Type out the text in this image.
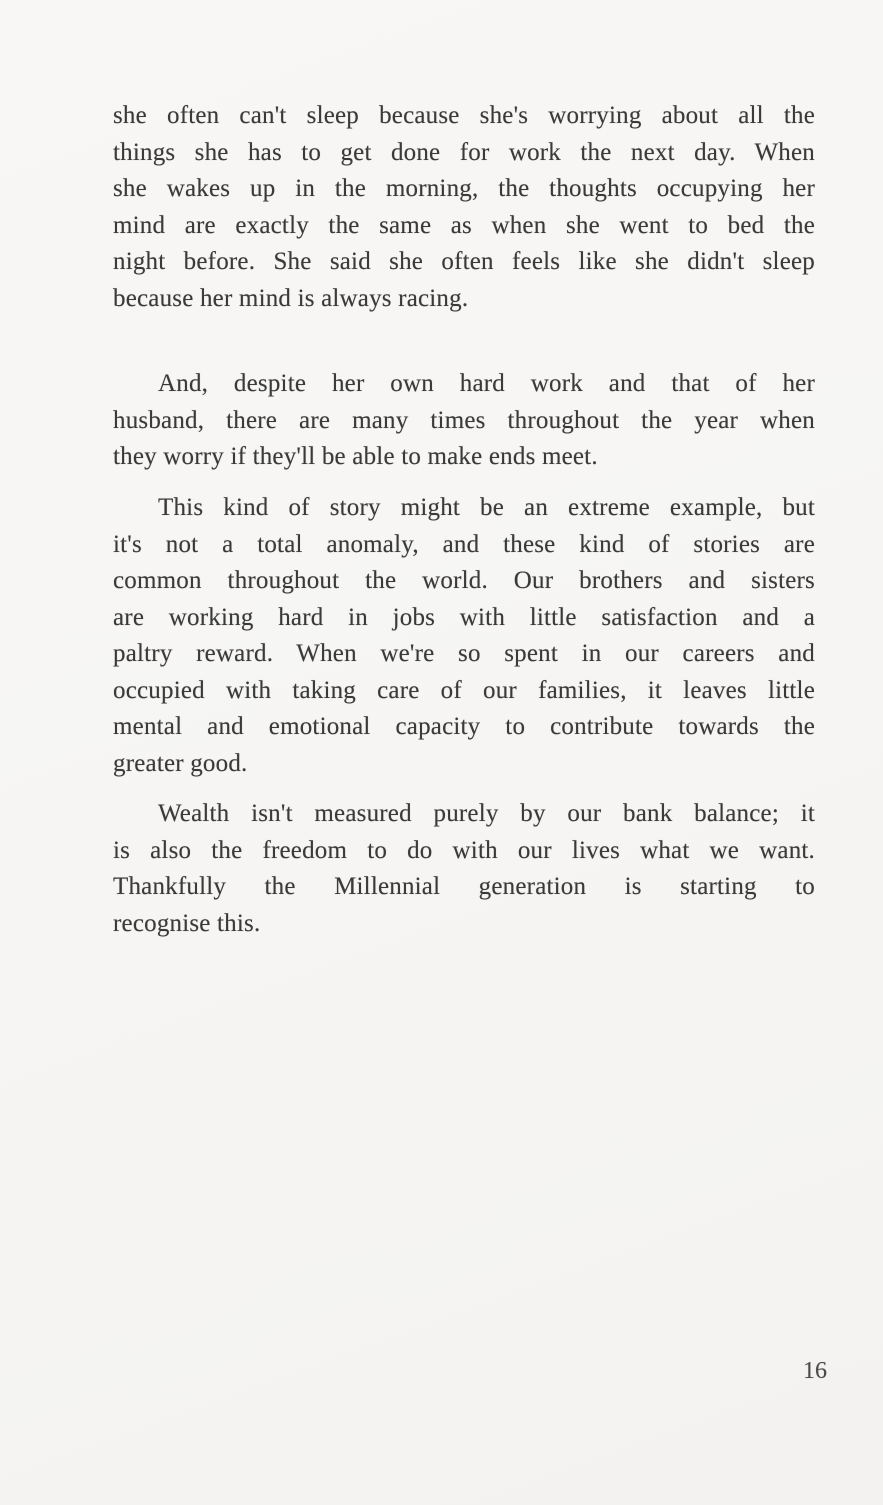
she often can't sleep because she's worrying about all the
things she has to get done for work the next day. When
she wakes up in the morning, the thoughts occupying her
mind are exactly the same as when she went to bed the
night before. She said she often feels like she didn't sleep
because her mind is always racing.
And, despite her own hard work and that of her
husband, there are many times throughout the year when
they worry if they'll be able to make ends meet.
This kind of story might be an extreme example, but
it's not a total anomaly, and these kind of stories are
common throughout the world. Our brothers and sisters
are working hard in jobs with little satisfaction and a
paltry reward. When we're so spent in our careers and
occupied with taking care of our families, it leaves little
mental and emotional capacity to contribute towards the
greater good.
Wealth isn't measured purely by our bank balance; it
is also the freedom to do with our lives what we want.
Thankfully the Millennial generation is starting to
recognise this.
16
